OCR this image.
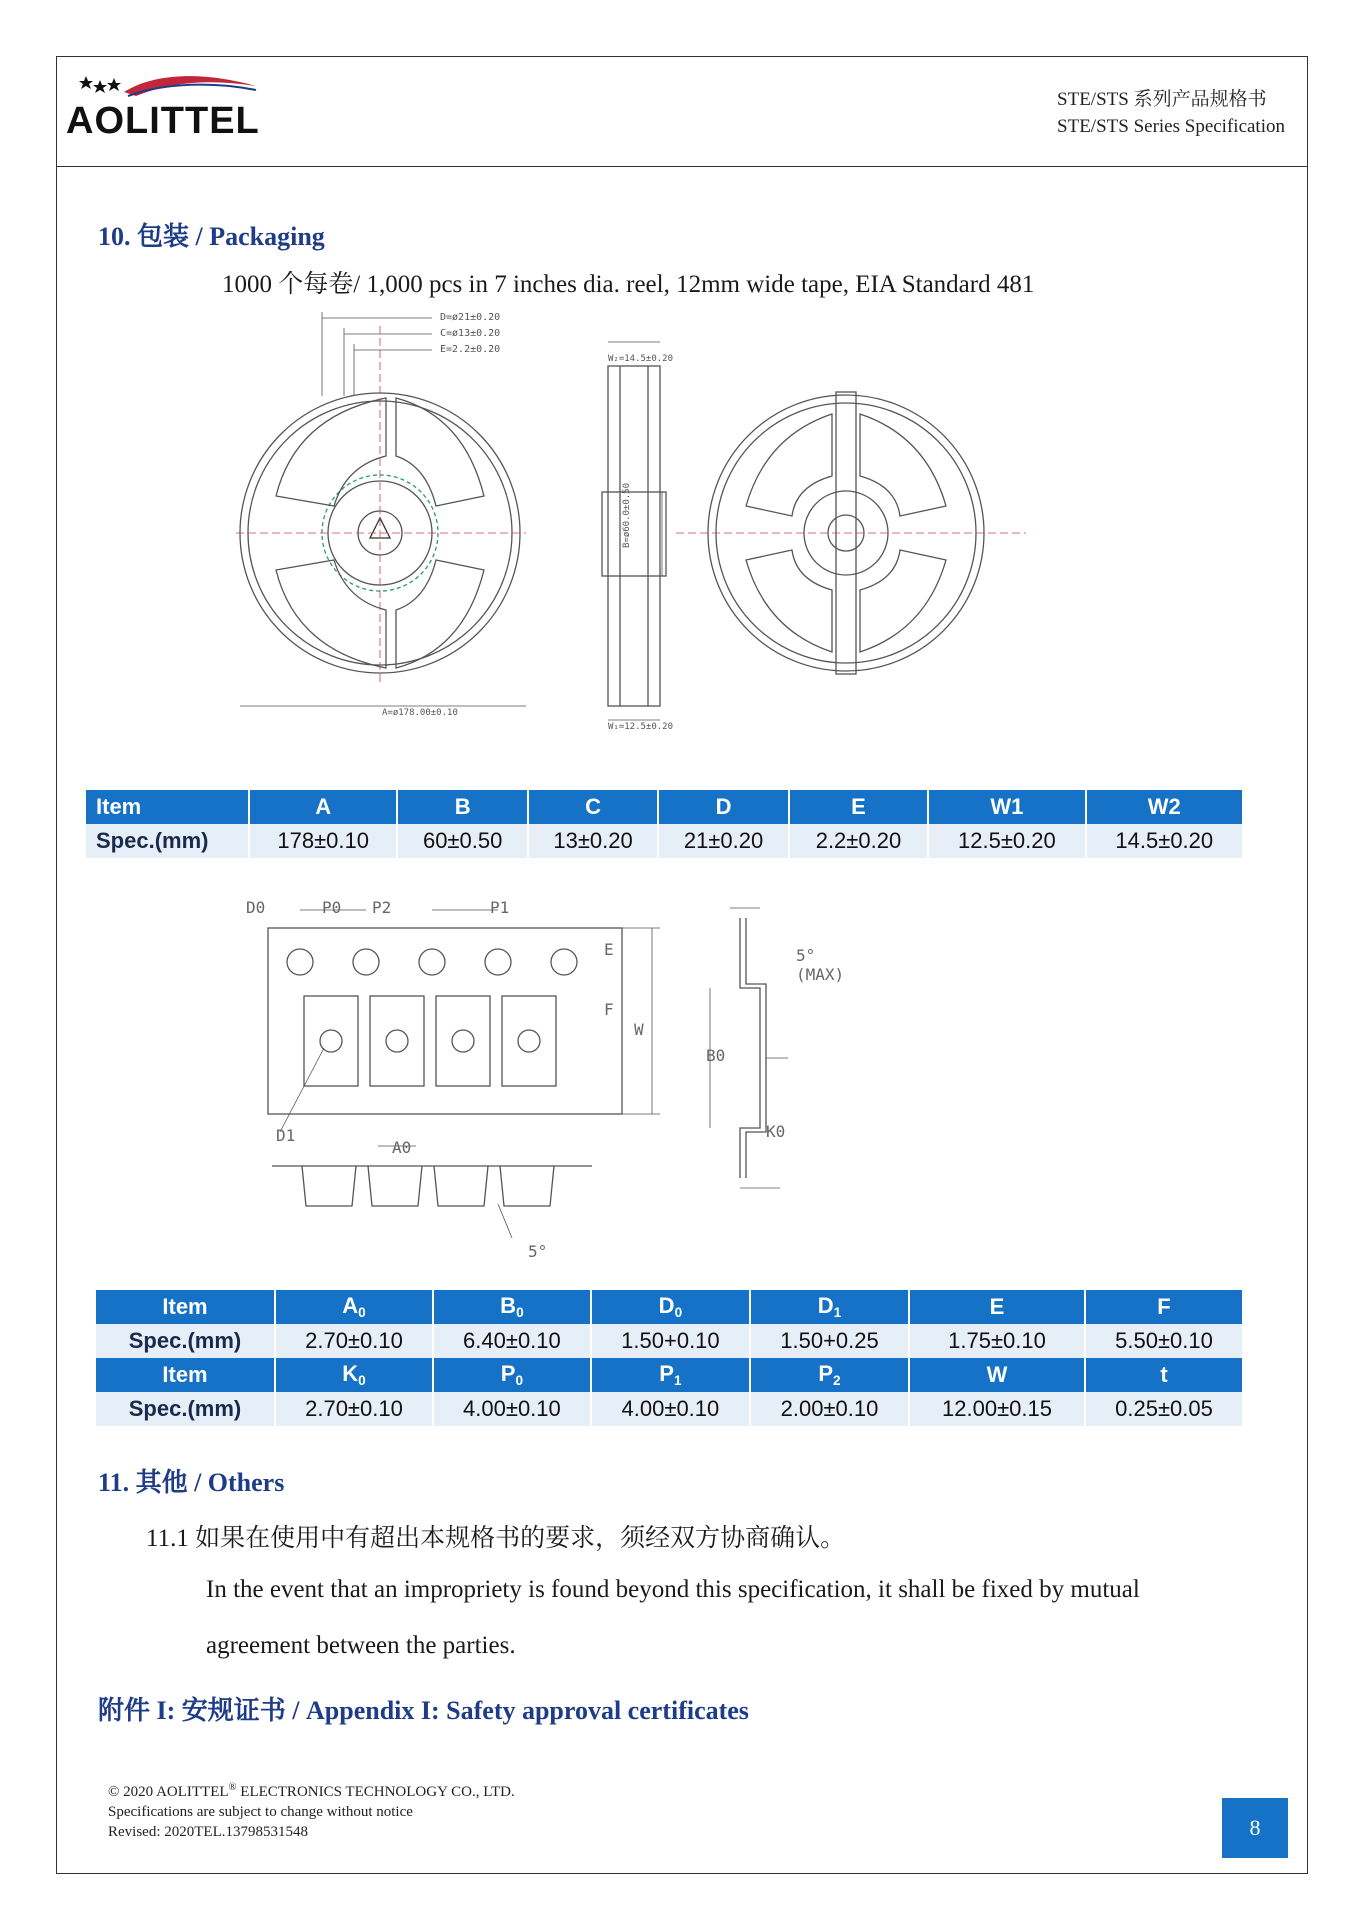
AOLITTEL
STE/STS 系列产品规格书
STE/STS Series Specification
10. 包装 / Packaging
1000 个每卷/ 1,000 pcs in 7 inches dia. reel, 12mm wide tape, EIA Standard 481
D=ø21±0.20
C=ø13±0.20
E=2.2±0.20
W₂=14.5±0.20
A=ø178.00±0.10
W₁=12.5±0.20
B=ø60.0±0.50
Item	A	B	C	D	E	W1	W2
Spec.(mm)	178±0.10	60±0.50	13±0.20	21±0.20	2.2±0.20	12.5±0.20	14.5±0.20
D0	P0 P2	P1
E
F
W
D1
A0
B0
K0
5°(MAX)
5°
Item	$A_0$	$B_0$	$D_0$	$D_1$	E	F
Spec.(mm)	2.70±0.10	6.40±0.10	1.50+0.10	1.50+0.25	1.75±0.10	5.50±0.10
Item	$K_0$	$P_0$	$P_1$	$P_2$	W	t
Spec.(mm)	2.70±0.10	4.00±0.10	4.00±0.10	2.00±0.10	12.00±0.15	0.25±0.05
11. 其他 / Others
11.1 如果在使用中有超出本规格书的要求，须经双方协商确认。
In the event that an impropriety is found beyond this specification, it shall be fixed by mutual
agreement between the parties.
附件 I: 安规证书 / Appendix I: Safety approval certificates
© 2020 AOLITTEL® ELECTRONICS TECHNOLOGY CO., LTD.
Specifications are subject to change without notice
Revised: 2020TEL.13798531548	8
